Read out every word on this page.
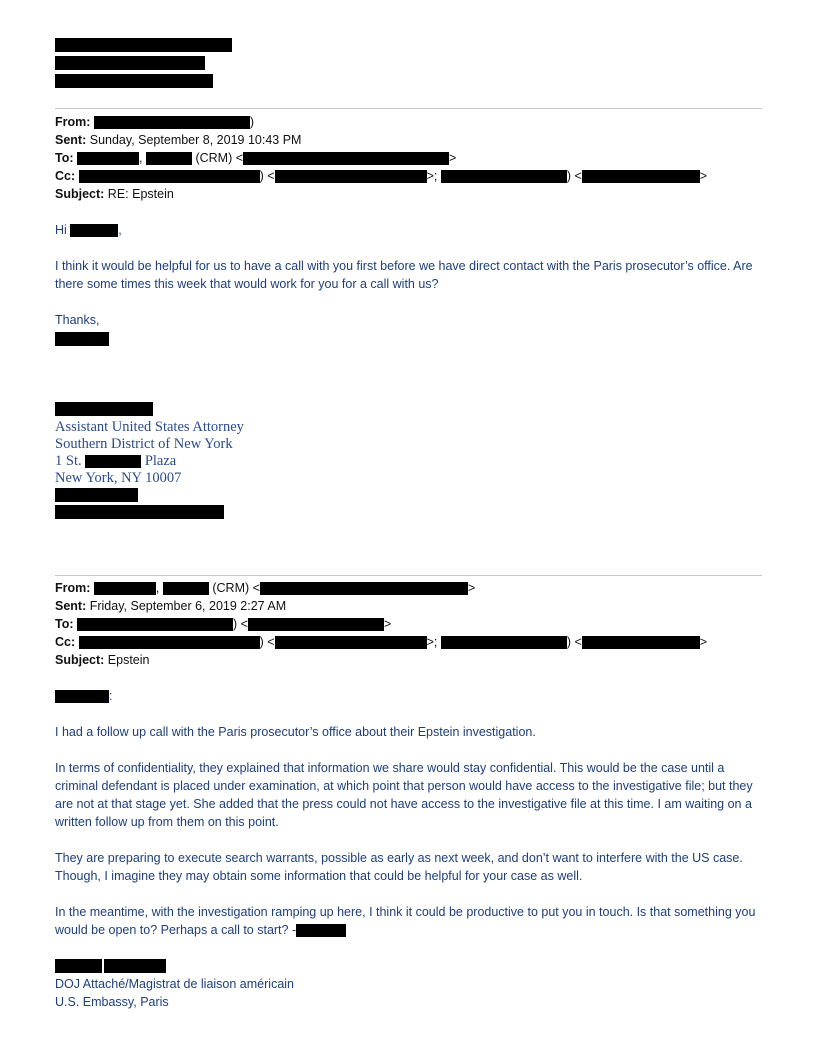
From:	)
Sent: Sunday, September 8, 2019 10:43 PM
To:	,	(CRM) <	>
Cc:	) <	>;	) <	>
Subject: RE: Epstein
Hi	,
I think it would be helpful for us to have a call with you first before we have direct contact with the Paris prosecutor’s office. Are there some times this week that would work for you for a call with us?
Thanks,
Assistant United States Attorney
Southern District of New York
1 St.	Plaza
New York, NY 10007
From:	,	(CRM) <	>
Sent: Friday, September 6, 2019 2:27 AM
To:	) <	>
Cc:	) <	>;	) <	>
Subject: Epstein
:
I had a follow up call with the Paris prosecutor’s office about their Epstein investigation.
In terms of confidentiality, they explained that information we share would stay confidential. This would be the case until a criminal defendant is placed under examination, at which point that person would have access to the investigative file; but they are not at that stage yet. She added that the press could not have access to the investigative file at this time. I am waiting on a written follow up from them on this point.
They are preparing to execute search warrants, possible as early as next week, and don’t want to interfere with the US case. Though, I imagine they may obtain some information that could be helpful for your case as well.
In the meantime, with the investigation ramping up here, I think it could be productive to put you in touch. Is that something you would be open to? Perhaps a call to start? -
DOJ Attaché/Magistrat de liaison américain
U.S. Embassy, Paris
